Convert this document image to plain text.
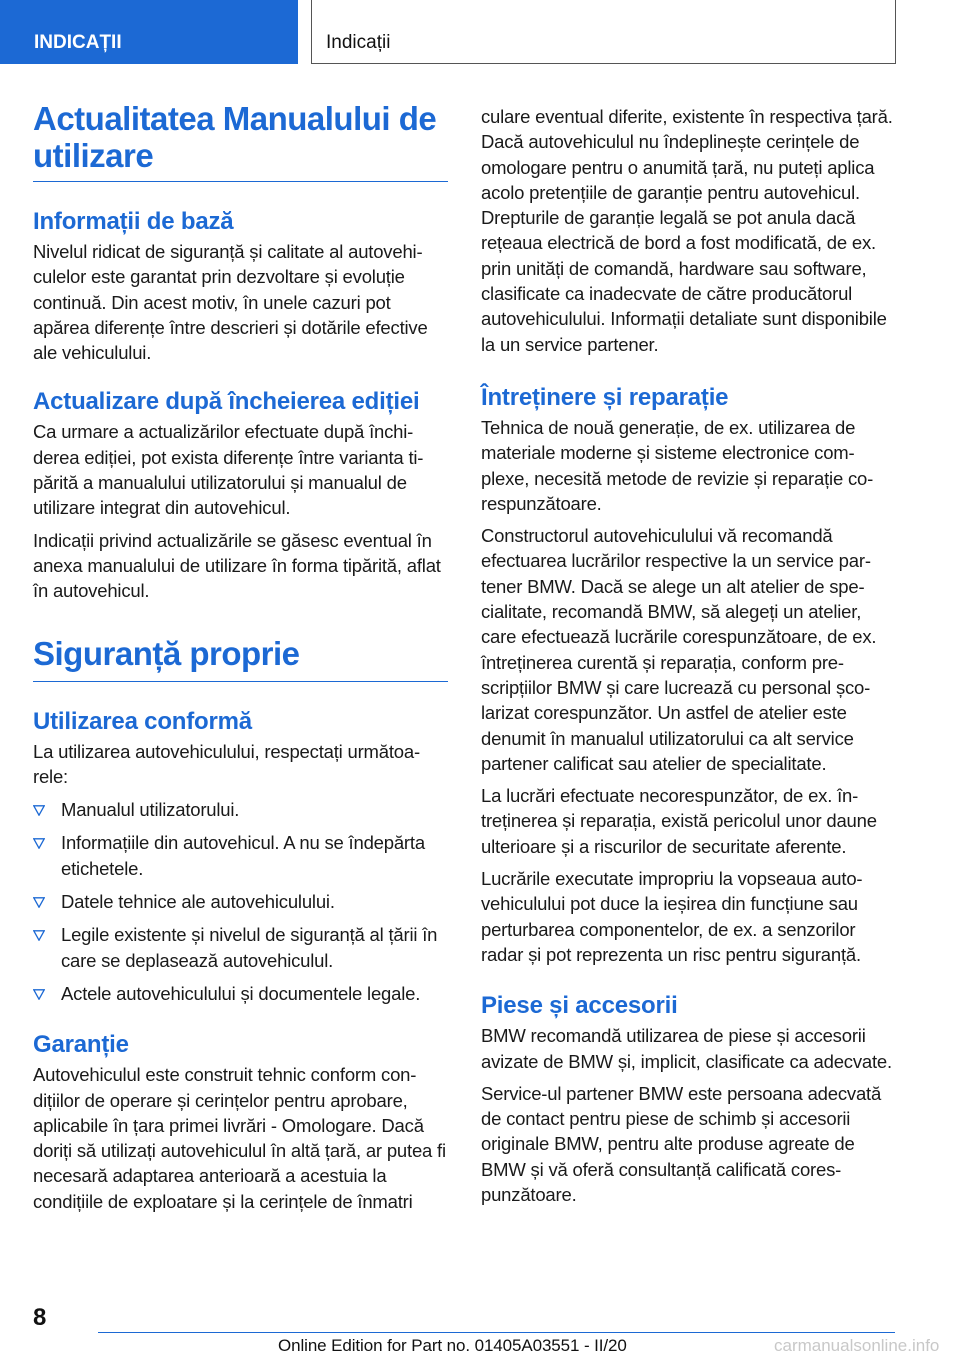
INDICAȚII	Indicații
Actualitatea Manualului de utilizare
Informații de bază

Nivelul ridicat de siguranță și calitate al autovehiculelor este garantat prin dezvoltare și evoluție continuă. Din acest motiv, în unele cazuri pot apărea diferențe între descrieri și dotările efective ale vehiculului.

Actualizare după încheierea ediției

Ca urmare a actualizărilor efectuate după închiderea ediției, pot exista diferențe între varianta tipărită a manualului utilizatorului și manualul de utilizare integrat din autovehicul.

Indicații privind actualizările se găsesc eventual în anexa manualului de utilizare în forma tipărită, aflat în autovehicul.

Siguranță proprie
Utilizarea conformă

La utilizarea autovehiculului, respectați următoarele:

Manualul utilizatorului.
Informațiile din autovehicul. A nu se îndepărta etichetele.
Datele tehnice ale autovehiculului.
Legile existente și nivelul de siguranță al țării în care se deplasează autovehiculul.
Actele autovehiculului și documentele legale.
Garanție

Autovehiculul este construit tehnic conform condițiilor de operare și cerințelor pentru aprobare, aplicabile în țara primei livrări - Omologare. Dacă doriți să utilizați autovehiculul în altă țară, ar putea fi necesară adaptarea anterioară a acestuia la condițiile de exploatare și la cerințele de înmatri

culare eventual diferite, existente în respectiva țară. Dacă autovehiculul nu îndeplinește cerințele de omologare pentru o anumită țară, nu puteți aplica acolo pretențiile de garanție pentru autovehicul. Drepturile de garanție legală se pot anula dacă rețeaua electrică de bord a fost modificată, de ex. prin unități de comandă, hardware sau software, clasificate ca inadecvate de către producătorul autovehiculului. Informații detaliate sunt disponibile la un service partener.

Întreținere și reparație

Tehnica de nouă generație, de ex. utilizarea de materiale moderne și sisteme electronice complexe, necesită metode de revizie și reparație corespunzătoare.

Constructorul autovehiculului vă recomandă efectuarea lucrărilor respective la un service partener BMW. Dacă se alege un alt atelier de specialitate, recomandă BMW, să alegeți un atelier, care efectuează lucrările corespunzătoare, de ex. întreținerea curentă și reparația, conform prescripțiilor BMW și care lucrează cu personal școlarizat corespunzător. Un astfel de atelier este denumit în manualul utilizatorului ca alt service partener calificat sau atelier de specialitate.

La lucrări efectuate necorespunzător, de ex. întreținerea și reparația, există pericolul unor daune ulterioare și a riscurilor de securitate aferente.

Lucrările executate impropriu la vopseaua autovehiculului pot duce la ieșirea din funcțiune sau perturbarea componentelor, de ex. a senzorilor radar și pot reprezenta un risc pentru siguranță.

Piese și accesorii

BMW recomandă utilizarea de piese și accesorii avizate de BMW și, implicit, clasificate ca adecvate.

Service-ul partener BMW este persoana adecvată de contact pentru piese de schimb și accesorii originale BMW, pentru alte produse agreate de BMW și vă oferă consultanță calificată corespunzătoare.

8
Online Edition for Part no. 01405A03551 - II/20	carmanualsonline.info
